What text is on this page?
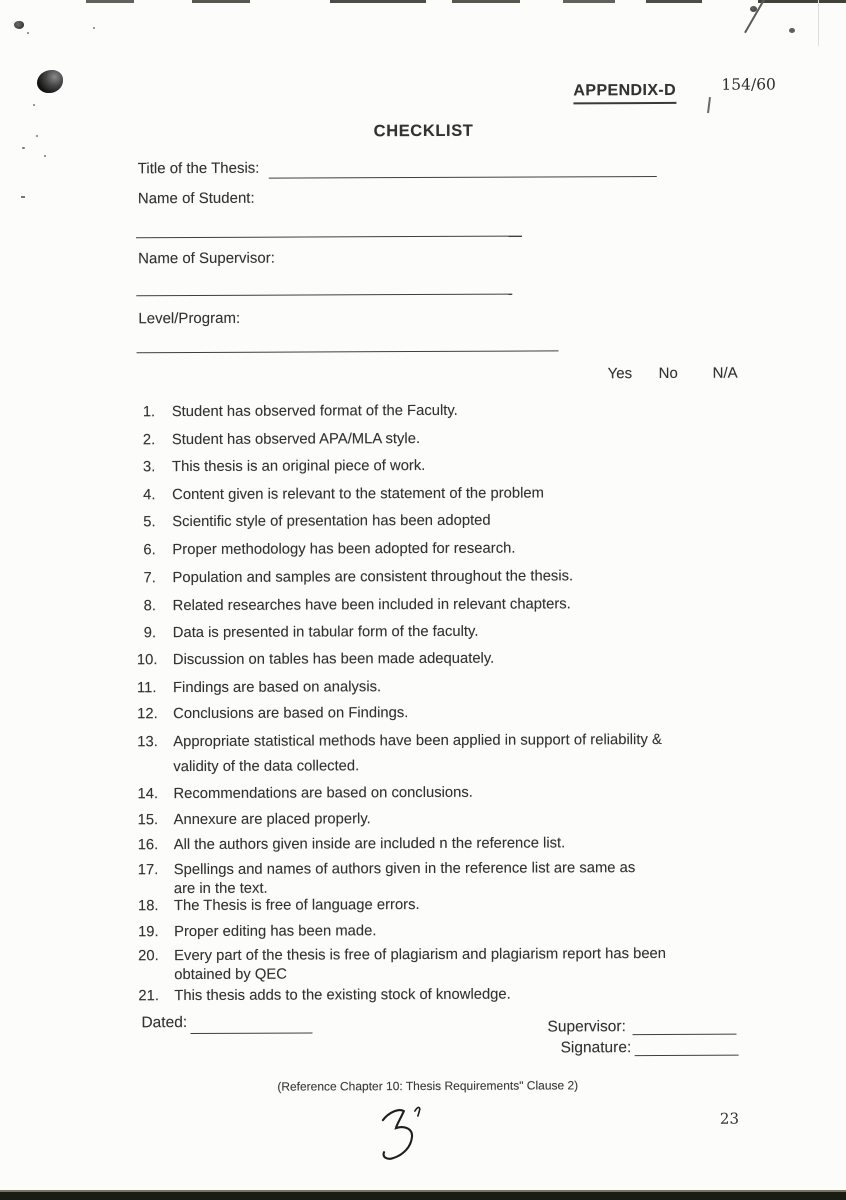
APPENDIX-D	154/60
CHECKLIST
Title of the Thesis:
Name of Student:
Name of Supervisor:
Level/Program:
Yes No N/A
1.	Student has observed format of the Faculty.
2.	Student has observed APA/MLA style.
3.	This thesis is an original piece of work.
4.	Content given is relevant to the statement of the problem
5.	Scientific style of presentation has been adopted
6.	Proper methodology has been adopted for research.
7.	Population and samples are consistent throughout the thesis.
8.	Related researches have been included in relevant chapters.
9.	Data is presented in tabular form of the faculty.
10.	Discussion on tables has been made adequately.
11.	Findings are based on analysis.
12.	Conclusions are based on Findings.
13.	Appropriate statistical methods have been applied in support of reliability & validity of the data collected.
14.	Recommendations are based on conclusions.
15.	Annexure are placed properly.
16.	All the authors given inside are included n the reference list.
17.	Spellings and names of authors given in the reference list are same as are in the text.
18.	The Thesis is free of language errors.
19.	Proper editing has been made.
20.	Every part of the thesis is free of plagiarism and plagiarism report has been obtained by QEC
21.	This thesis adds to the existing stock of knowledge.
Dated:	Supervisor:
Signature:
(Reference Chapter 10: Thesis Requirements" Clause 2)
23
